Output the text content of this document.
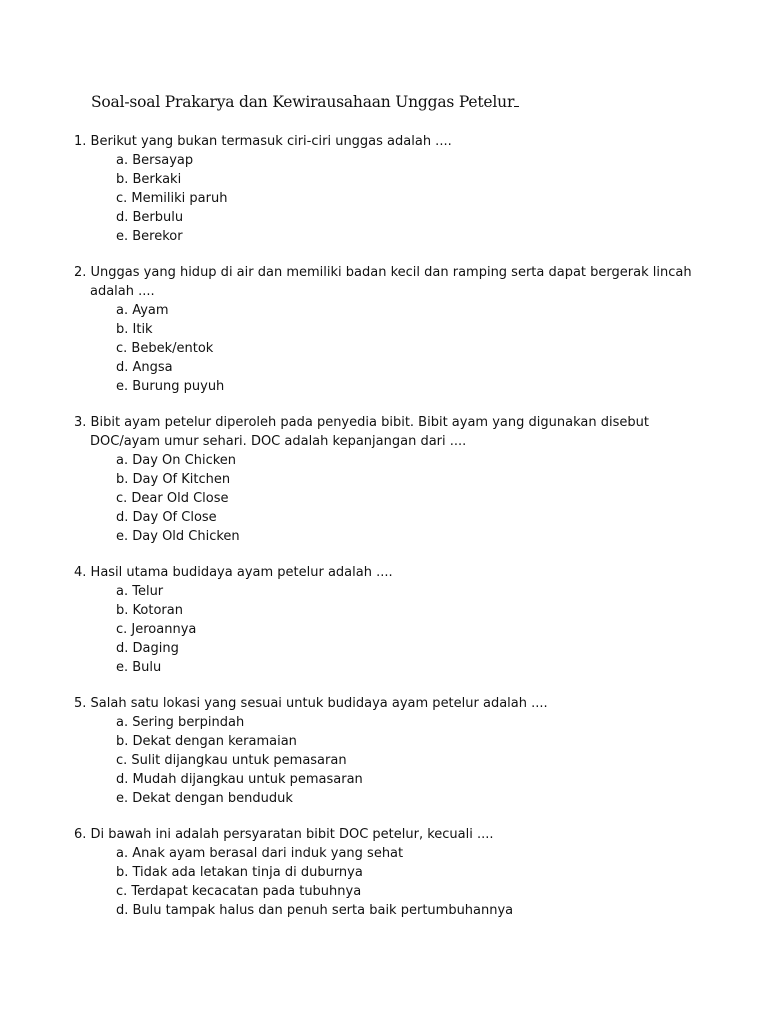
Soal-soal Prakarya dan Kewirausahaan Unggas Petelur
1. Berikut yang bukan termasuk ciri-ciri unggas adalah ....
a. Bersayap
b. Berkaki
c. Memiliki paruh
d. Berbulu
e. Berekor
2. Unggas yang hidup di air dan memiliki badan kecil dan ramping serta dapat bergerak lincah adalah ....
a. Ayam
b. Itik
c. Bebek/entok
d. Angsa
e. Burung puyuh
3. Bibit ayam petelur diperoleh pada penyedia bibit. Bibit ayam yang digunakan disebut DOC/ayam umur sehari. DOC adalah kepanjangan dari ....
a. Day On Chicken
b. Day Of Kitchen
c. Dear Old Close
d. Day Of Close
e. Day Old Chicken
4. Hasil utama budidaya ayam petelur adalah ....
a. Telur
b. Kotoran
c. Jeroannya
d. Daging
e. Bulu
5. Salah satu lokasi yang sesuai untuk budidaya ayam petelur adalah ....
a. Sering berpindah
b. Dekat dengan keramaian
c. Sulit dijangkau untuk pemasaran
d. Mudah dijangkau untuk pemasaran
e. Dekat dengan benduduk
6. Di bawah ini adalah persyaratan bibit DOC petelur, kecuali ....
a. Anak ayam berasal dari induk yang sehat
b. Tidak ada letakan tinja di duburnya
c. Terdapat kecacatan pada tubuhnya
d. Bulu tampak halus dan penuh serta baik pertumbuhannya
